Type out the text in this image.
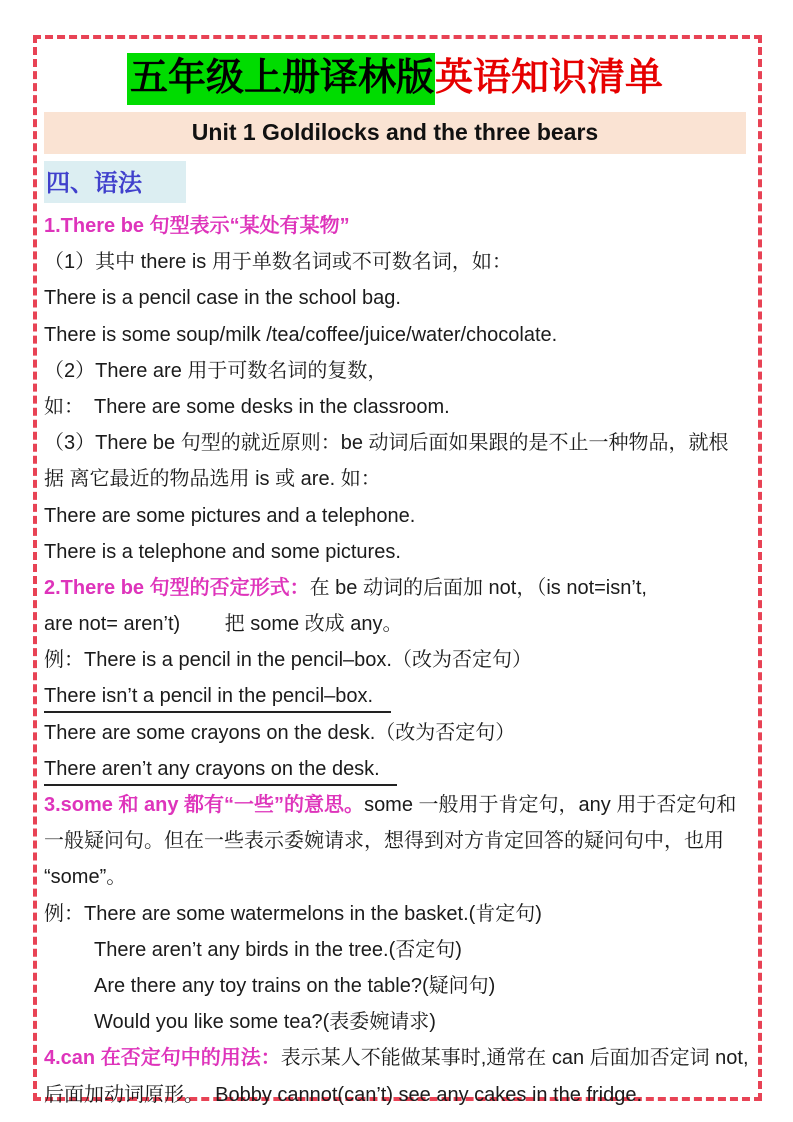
五年级上册译林版英语知识清单
Unit 1 Goldilocks and the three bears
四、语法
1.There be 句型表示“某处有某物”
（1）其中 there is 用于单数名词或不可数名词，如：
There is a pencil case in the school bag.
There is some soup/milk /tea/coffee/juice/water/chocolate.
（2）There are 用于可数名词的复数，
如：　There are some desks in the classroom.
（3）There be 句型的就近原则：be 动词后面如果跟的是不止一种物品，就根
据 离它最近的物品选用 is 或 are. 如：
There are some pictures and a telephone.
There is a telephone and some pictures.
2.There be 句型的否定形式：在 be 动词的后面加 not，（is not=isn’t,
are not= aren’t)        把 some 改成 any。
例：There is a pencil in the pencil–box.（改为否定句）
There isn’t a pencil in the pencil–box.
There are some crayons on the desk.（改为否定句）
There aren’t any crayons on the desk.
3.some 和 any 都有“一些”的意思。some 一般用于肯定句，any 用于否定句和
一般疑问句。但在一些表示委婉请求，想得到对方肯定回答的疑问句中，也用
“some”。
例：There are some watermelons in the basket.(肯定句)
There aren’t any birds in the tree.(否定句)
Are there any toy trains on the table?(疑问句)
Would you like some tea?(表委婉请求)
4.can 在否定句中的用法：表示某人不能做某事时,通常在 can 后面加否定词 not,
后面加动词原形。  Bobby cannot(can’t) see any cakes in the fridge.
